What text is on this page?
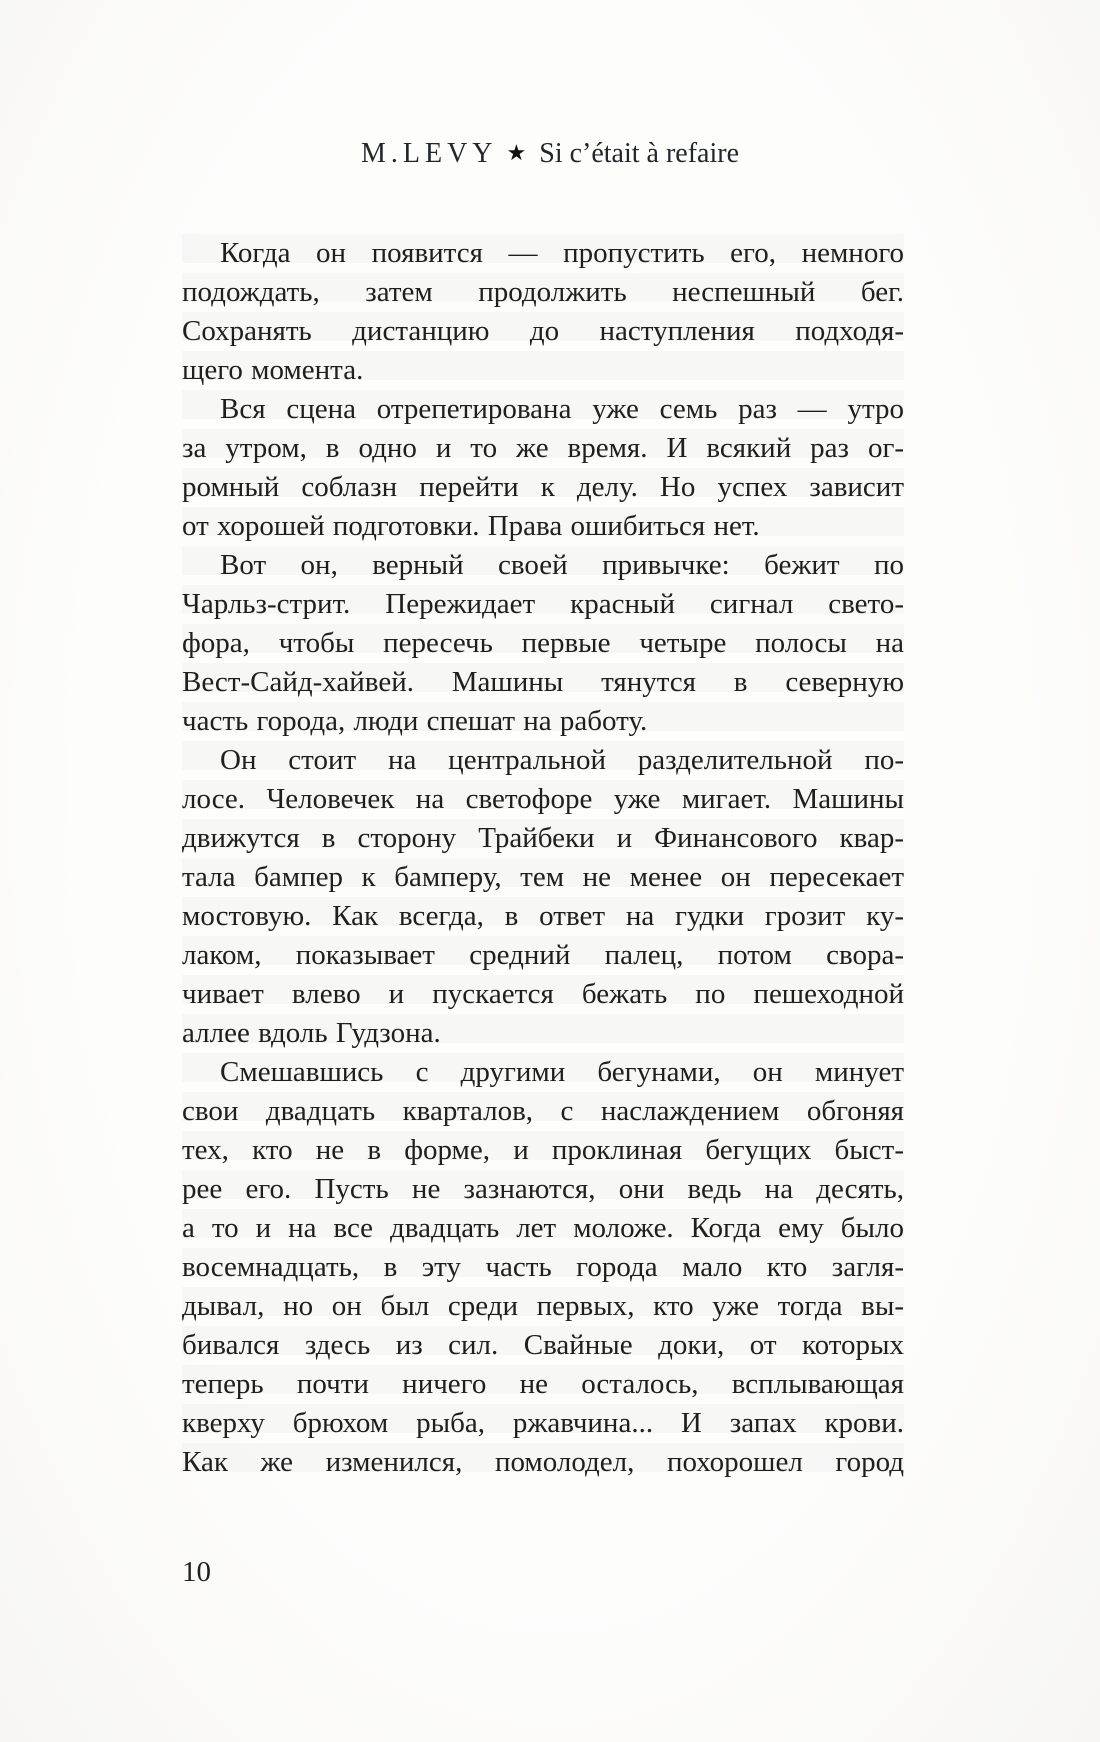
M.LEVY ★ Si c’était à refaire
Когда он появится — пропустить его, немного
подождать, затем продолжить неспешный бег.
Сохранять дистанцию до наступления подходя-
щего момента.
Вся сцена отрепетирована уже семь раз — утро
за утром, в одно и то же время. И всякий раз ог-
ромный соблазн перейти к делу. Но успех зависит
от хорошей подготовки. Права ошибиться нет.
Вот он, верный своей привычке: бежит по
Чарльз-стрит. Пережидает красный сигнал свето-
фора, чтобы пересечь первые четыре полосы на
Вест-Сайд-хайвей. Машины тянутся в северную
часть города, люди спешат на работу.
Он стоит на центральной разделительной по-
лосе. Человечек на светофоре уже мигает. Машины
движутся в сторону Трайбеки и Финансового квар-
тала бампер к бамперу, тем не менее он пересекает
мостовую. Как всегда, в ответ на гудки грозит ку-
лаком, показывает средний палец, потом свора-
чивает влево и пускается бежать по пешеходной
аллее вдоль Гудзона.
Смешавшись с другими бегунами, он минует
свои двадцать кварталов, с наслаждением обгоняя
тех, кто не в форме, и проклиная бегущих быст-
рее его. Пусть не зазнаются, они ведь на десять,
а то и на все двадцать лет моложе. Когда ему было
восемнадцать, в эту часть города мало кто загля-
дывал, но он был среди первых, кто уже тогда вы-
бивался здесь из сил. Свайные доки, от которых
теперь почти ничего не осталось, всплывающая
кверху брюхом рыба, ржавчина... И запах крови.
Как же изменился, помолодел, похорошел город
10
